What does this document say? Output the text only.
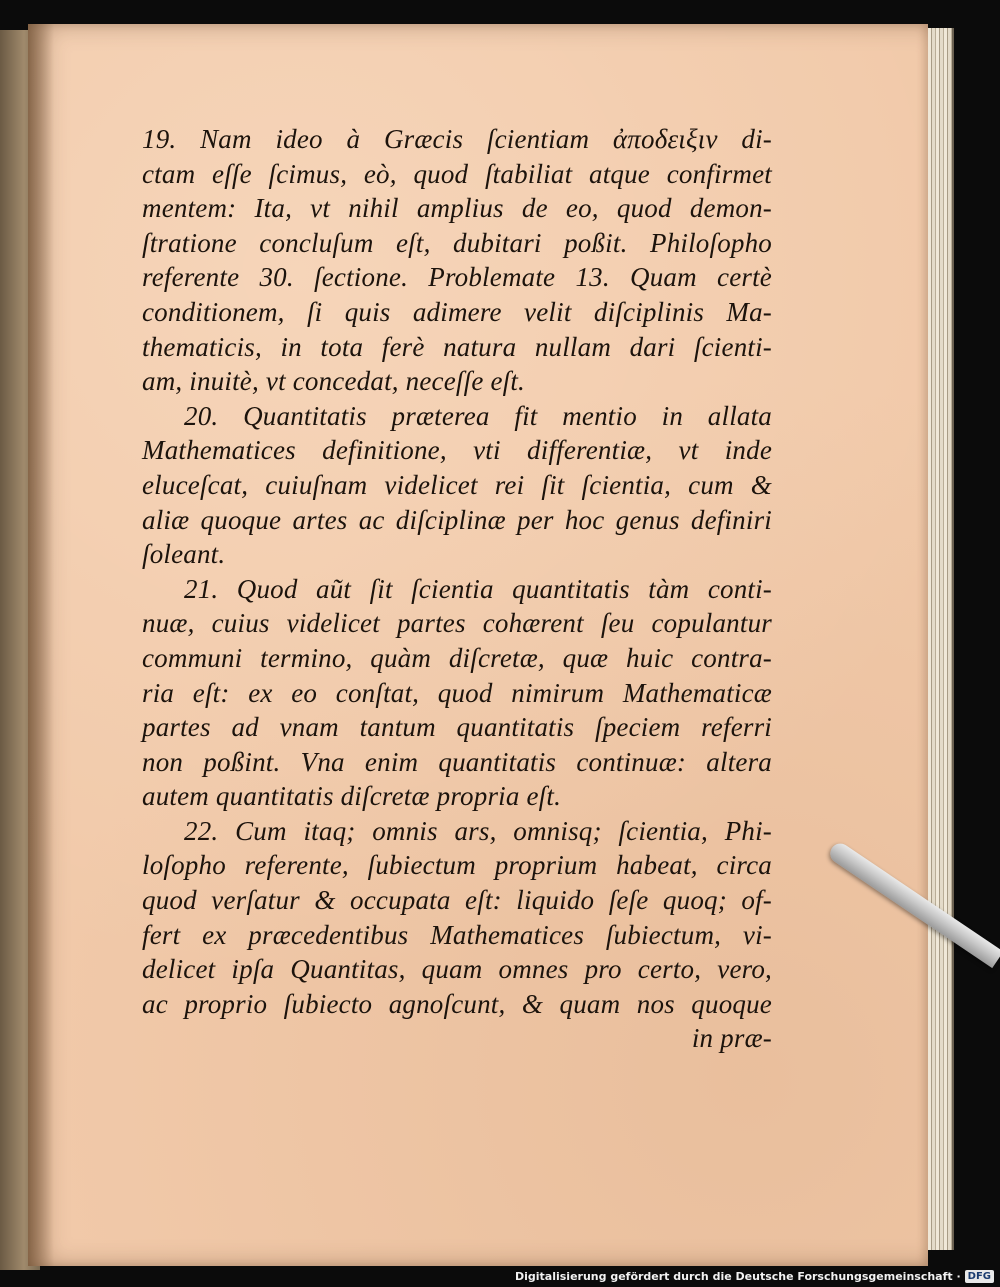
19. Nam ideo à Græcis ſcientiam ἀποδειξιν di-
ctam eſſe ſcimus, eò, quod ſtabiliat atque confirmet
mentem: Ita, vt nihil amplius de eo, quod demon-
ſtratione concluſum eſt, dubitari poßit. Philoſopho
referente 30. ſectione. Problemate 13. Quam certè
conditionem, ſi quis adimere velit diſciplinis Ma-
thematicis, in tota ferè natura nullam dari ſcienti-
am, inuitè, vt concedat, neceſſe eſt.
20. Quantitatis præterea fit mentio in allata
Mathematices definitione, vti differentiæ, vt inde
eluceſcat, cuiuſnam videlicet rei ſit ſcientia, cum &
aliæ quoque artes ac diſciplinæ per hoc genus definiri
ſoleant.
21. Quod aũt ſit ſcientia quantitatis tàm conti-
nuæ, cuius videlicet partes cohærent ſeu copulantur
communi termino, quàm diſcretæ, quæ huic contra-
ria eſt: ex eo conſtat, quod nimirum Mathematicæ
partes ad vnam tantum quantitatis ſpeciem referri
non poßint. Vna enim quantitatis continuæ: altera
autem quantitatis diſcretæ propria eſt.
22. Cum itaq; omnis ars, omnisq; ſcientia, Phi-
loſopho referente, ſubiectum proprium habeat, circa
quod verſatur & occupata eſt: liquido ſeſe quoq; of-
fert ex præcedentibus Mathematices ſubiectum, vi-
delicet ipſa Quantitas, quam omnes pro certo, vero,
ac proprio ſubiecto agnoſcunt, & quam nos quoque
in præ-
Digitalisierung gefördert durch die Deutsche Forschungsgemeinschaft · DFG
